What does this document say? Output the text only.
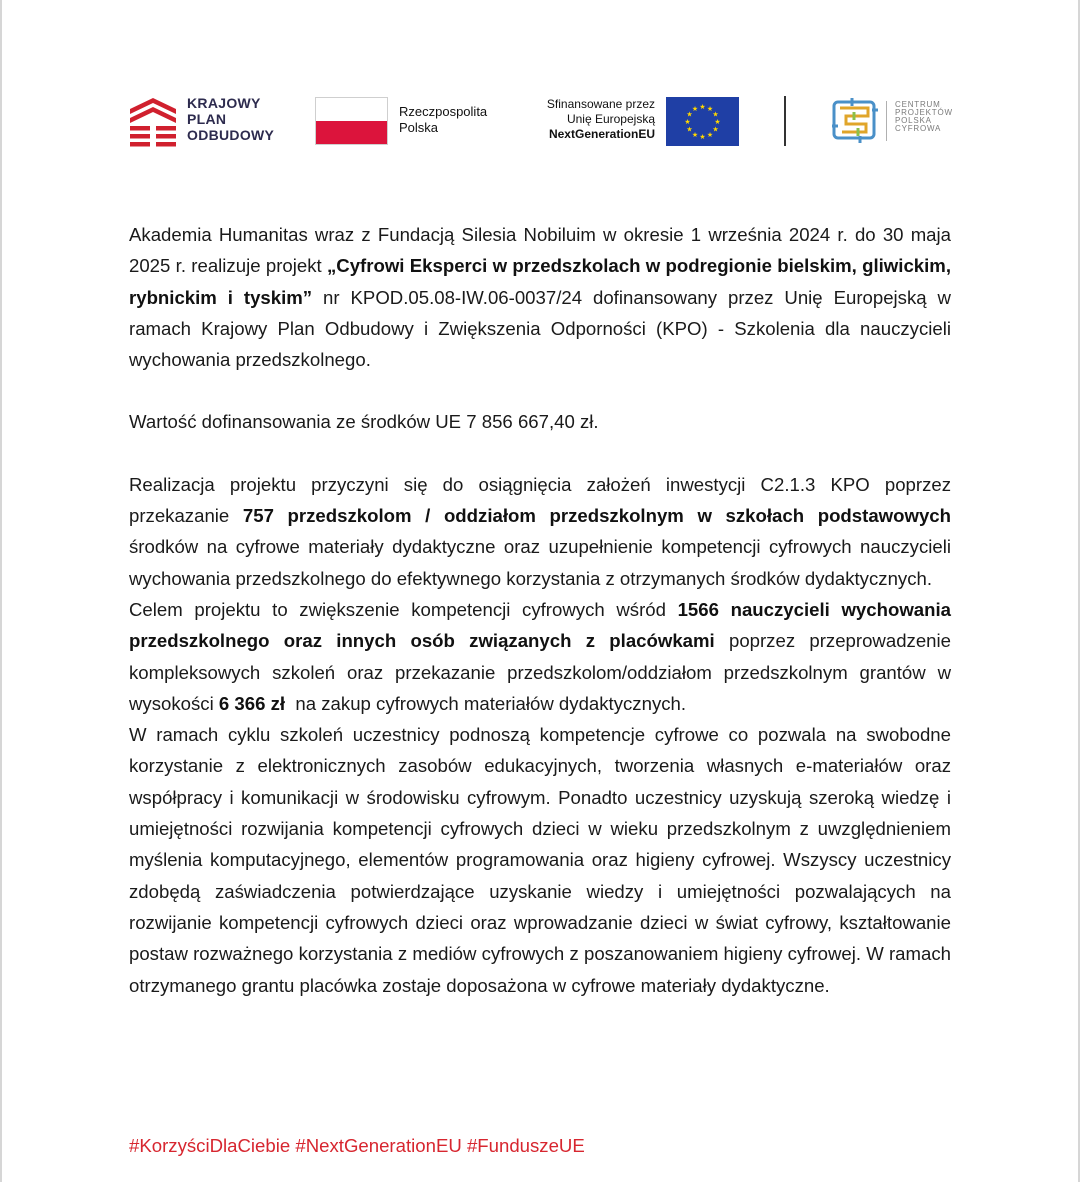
KRAJOWY
PLAN
ODBUDOWY
Rzeczpospolita
Polska
Sfinansowane przez
Unię Europejską
NextGenerationEU
★ ★
★
★
★
★
★
★
★
★
★
★
CENTRUM
PROJEKTÓW
POLSKA
CYFROWA

Akademia Humanitas wraz z Fundacją Silesia Nobiluim w okresie 1 września 2024 r. do 30 maja 2025 r. realizuje projekt „Cyfrowi Eksperci w przedszkolach w podregionie bielskim, gliwickim, rybnickim i tyskim” nr KPOD.05.08-IW.06-0037/24 dofinansowany przez Unię Europejską w ramach Krajowy Plan Odbudowy i Zwiększenia Odporności (KPO) - Szkolenia dla nauczycieli wychowania przedszkolnego.

Wartość dofinansowania ze środków UE 7 856 667,40 zł.

Realizacja projektu przyczyni się do osiągnięcia założeń inwestycji C2.1.3 KPO poprzez przekazanie 757 przedszkolom / oddziałom przedszkolnym w szkołach podstawowych środków na cyfrowe materiały dydaktyczne oraz uzupełnienie kompetencji cyfrowych nauczycieli wychowania przedszkolnego do efektywnego korzystania z otrzymanych środków dydaktycznych.

Celem projektu to zwiększenie kompetencji cyfrowych wśród 1566 nauczycieli wychowania przedszkolnego oraz innych osób związanych z placówkami poprzez przeprowadzenie kompleksowych szkoleń oraz przekazanie przedszkolom/oddziałom przedszkolnym grantów w wysokości 6 366 zł  na zakup cyfrowych materiałów dydaktycznych.

W ramach cyklu szkoleń uczestnicy podnoszą kompetencje cyfrowe co pozwala na swobodne korzystanie z elektronicznych zasobów edukacyjnych, tworzenia własnych e-materiałów oraz współpracy i komunikacji w środowisku cyfrowym. Ponadto uczestnicy uzyskują szeroką wiedzę i umiejętności rozwijania kompetencji cyfrowych dzieci w wieku przedszkolnym z uwzględnieniem myślenia komputacyjnego, elementów programowania oraz higieny cyfrowej. Wszyscy uczestnicy zdobędą zaświadczenia potwierdzające uzyskanie wiedzy i umiejętności pozwalających na rozwijanie kompetencji cyfrowych dzieci oraz wprowadzanie dzieci w świat cyfrowy, kształtowanie postaw rozważnego korzystania z mediów cyfrowych z poszanowaniem higieny cyfrowej. W ramach otrzymanego grantu placówka zostaje doposażona w cyfrowe materiały dydaktyczne.

#KorzyściDlaCiebie #NextGenerationEU #FunduszeUE
